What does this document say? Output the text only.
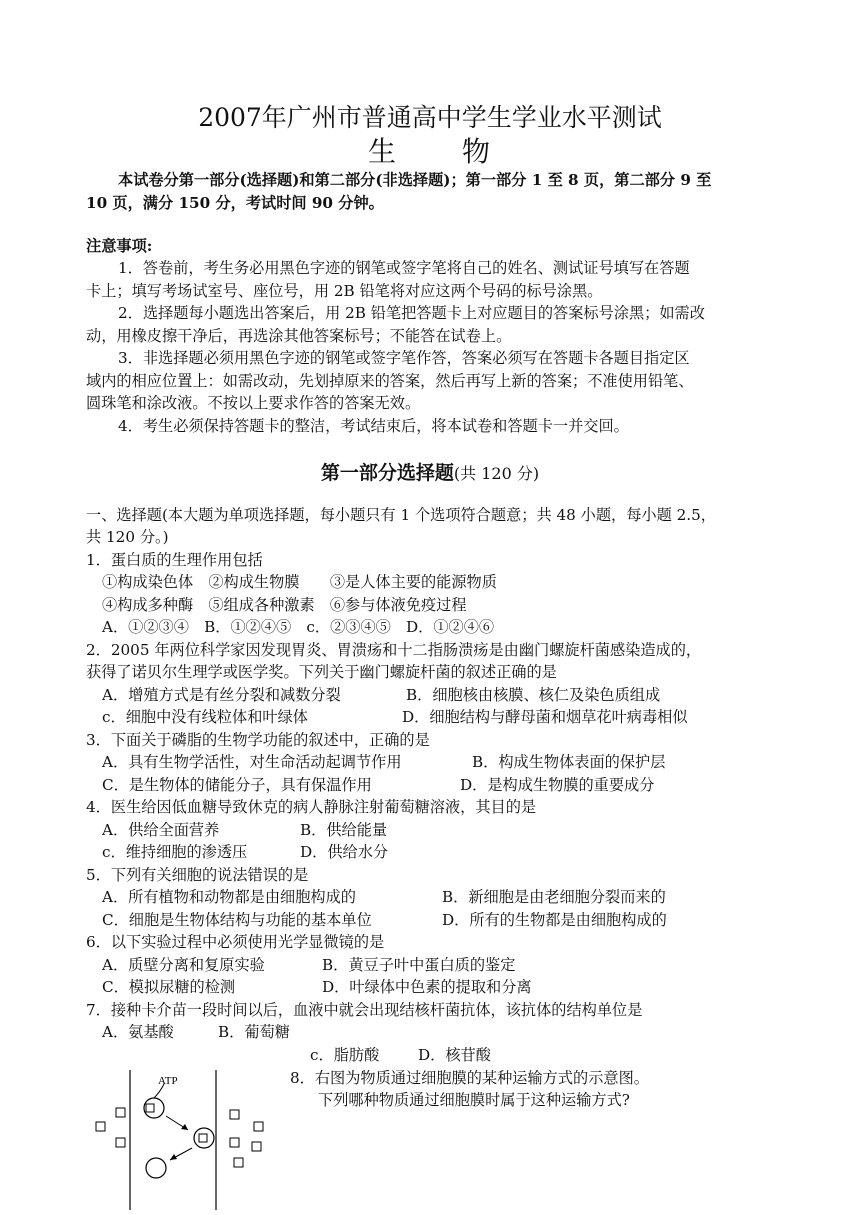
2007年广州市普通高中学生学业水平测试
生 物
本试卷分第一部分(选择题)和第二部分(非选择题)；第一部分 1 至 8 页，第二部分 9 至
10 页，满分 150 分，考试时间 90 分钟。
注意事项:
1．答卷前，考生务必用黑色字迹的钢笔或签字笔将自己的姓名、测试证号填写在答题
卡上；填写考场试室号、座位号，用 2B 铅笔将对应这两个号码的标号涂黑。
2．选择题每小题选出答案后，用 2B 铅笔把答题卡上对应题目的答案标号涂黑；如需改
动，用橡皮擦干净后，再选涂其他答案标号；不能答在试卷上。
3．非选择题必须用黑色字迹的钢笔或签字笔作答，答案必须写在答题卡各题目指定区
域内的相应位置上：如需改动，先划掉原来的答案，然后再写上新的答案；不准使用铅笔、
圆珠笔和涂改液。不按以上要求作答的答案无效。
4．考生必须保持答题卡的整洁，考试结束后，将本试卷和答题卡一并交回。
第一部分选择题(共 120 分)
一、选择题(本大题为单项选择题，每小题只有 1 个选项符合题意；共 48 小题，每小题 2.5，
共 120 分。)
1．蛋白质的生理作用包括
①构成染色体　②构成生物膜　　③是人体主要的能源物质
④构成多种酶　⑤组成各种激素　⑥参与体液免疫过程
A．①②③④　B．①②④⑤　c．②③④⑤　D．①②④⑥
2．2005 年两位科学家因发现胃炎、胃溃疡和十二指肠溃疡是由幽门螺旋杆菌感染造成的，
获得了诺贝尔生理学或医学奖。下列关于幽门螺旋杆菌的叙述正确的是
A．增殖方式是有丝分裂和减数分裂	B．细胞核由核膜、核仁及染色质组成
c．细胞中没有线粒体和叶绿体	D．细胞结构与酵母菌和烟草花叶病毒相似
3．下面关于磷脂的生物学功能的叙述中，正确的是
A．具有生物学活性，对生命活动起调节作用	B．构成生物体表面的保护层
C．是生物体的储能分子，具有保温作用	D．是构成生物膜的重要成分
4．医生给因低血糖导致休克的病人静脉注射葡萄糖溶液，其目的是
A．供给全面营养	B．供给能量
c．维持细胞的渗透压	D．供给水分
5．下列有关细胞的说法错误的是
A．所有植物和动物都是由细胞构成的	B．新细胞是由老细胞分裂而来的
C．细胞是生物体结构与功能的基本单位	D．所有的生物都是由细胞构成的
6．以下实验过程中必须使用光学显微镜的是
A．质壁分离和复原实验	B．黄豆子叶中蛋白质的鉴定
C．模拟尿糖的检测	D．叶绿体中色素的提取和分离
7．接种卡介苗一段时间以后，血液中就会出现结核杆菌抗体，该抗体的结构单位是
A．氨基酸	B．葡萄糖
c．脂肪酸	D．核苷酸
8．右图为物质通过细胞膜的某种运输方式的示意图。
下列哪种物质通过细胞膜时属于这种运输方式?
ATP
